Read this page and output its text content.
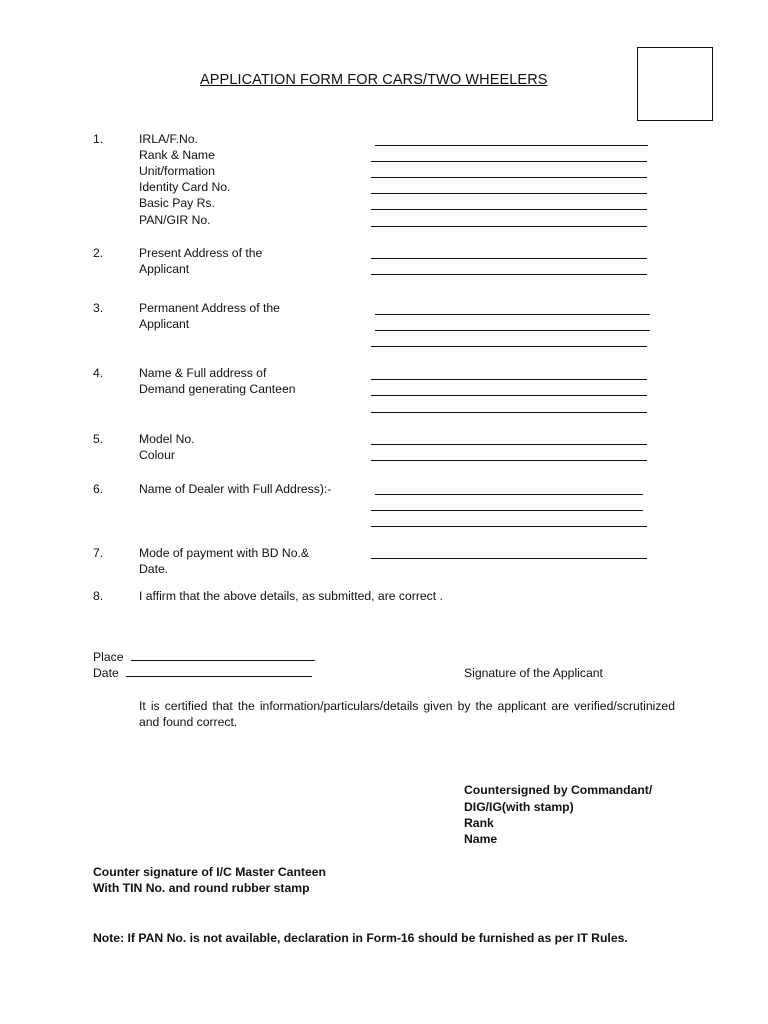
APPLICATION FORM FOR CARS/TWO WHEELERS
1.	IRLA/F.No.
Rank & Name
Unit/formation
Identity Card No.
Basic Pay Rs.
PAN/GIR No.
2.	Present Address of the
Applicant
3.	Permanent Address of the
Applicant
4.	Name & Full address of
Demand generating Canteen
5.	Model No.
Colour
6.	Name of Dealer with Full Address):-
7.	Mode of payment with BD No.&
Date.
8.	I affirm that the above details, as submitted, are correct .
Place
Date	Signature of the Applicant
It is certified that the information/particulars/details given by the applicant are verified/scrutinized and found correct.
Countersigned by Commandant/
DIG/IG(with stamp)
Rank
Name
Counter signature of I/C Master Canteen
With TIN No. and round rubber stamp
Note: If PAN No. is not available, declaration in Form-16 should be furnished as per IT Rules.
